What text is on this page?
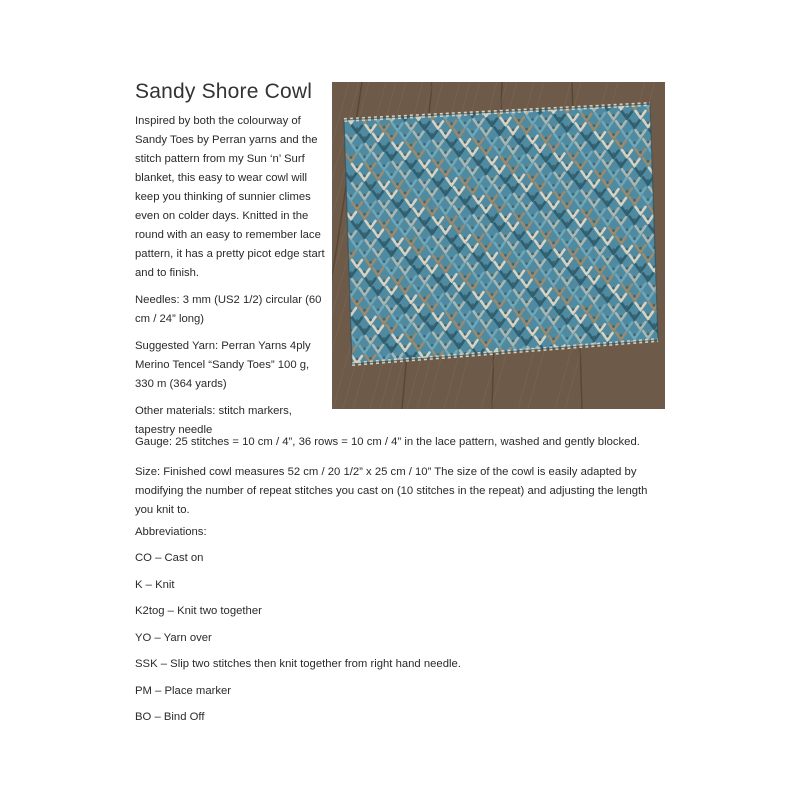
Sandy Shore Cowl

Inspired by both the colourway of Sandy Toes by Perran yarns and the stitch pattern from my Sun ‘n’ Surf blanket, this easy to wear cowl will keep you thinking of sunnier climes even on colder days. Knitted in the round with an easy to remember lace pattern, it has a pretty picot edge start and to finish.

Needles: 3 mm (US2 1/2) circular (60 cm / 24” long)

Suggested Yarn: Perran Yarns 4ply Merino Tencel “Sandy Toes” 100 g, 330 m (364 yards)

Other materials: stitch markers, tapestry needle

Gauge: 25 stitches = 10 cm / 4”, 36 rows = 10 cm / 4” in the lace pattern, washed and gently blocked.

Size: Finished cowl measures 52 cm / 20 1/2” x 25 cm / 10” The size of the cowl is easily adapted by modifying the number of repeat stitches you cast on (10 stitches in the repeat) and adjusting the length you knit to.

Abbreviations:

CO – Cast on
K – Knit
K2tog – Knit two together
YO – Yarn over
SSK – Slip two stitches then knit together from right hand needle.
PM – Place marker
BO – Bind Off
